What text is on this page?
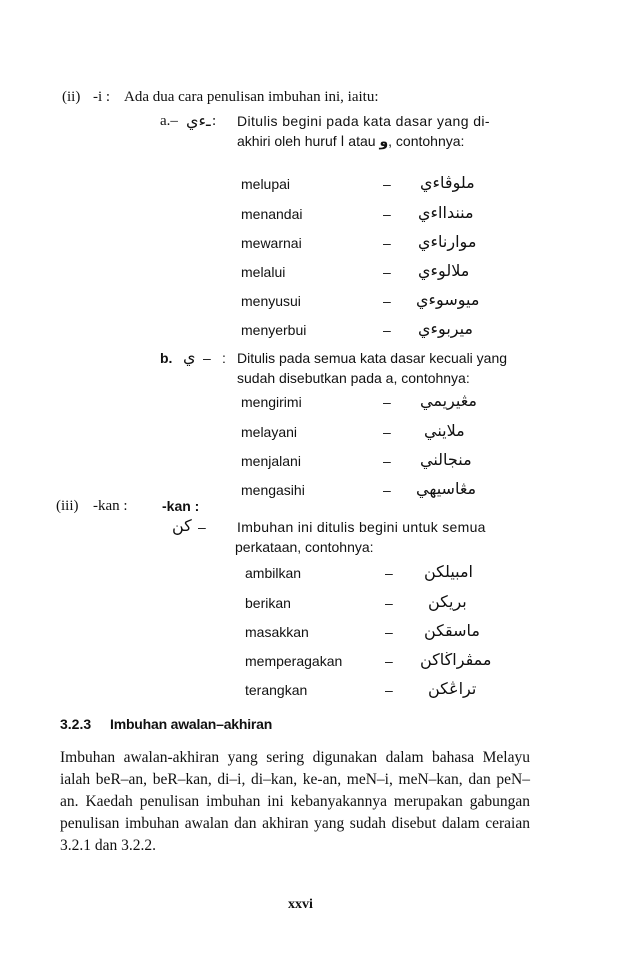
(ii) -i : Ada dua cara penulisan imbuhan ini, iaitu:
a.– ـءي : Ditulis begini pada kata dasar yang di-
akhiri oleh huruf ا atau و, contohnya:
melupai	– ملوڤاءي
menandai	– منندااءي
mewarnai	– موارناءي
melalui	– ملالوءي
menyusui	– ميوسوءي
menyerbui	– ميربوءي
b. ي – : Ditulis pada semua kata dasar kecuali yang
sudah disebutkan pada a, contohnya:
mengirimi	– مڠيريمي
melayani	– ملايني
menjalani	– منجالني
mengasihi	– مڠاسيهي
(iii) -kan : -kan :
كن – Imbuhan ini ditulis begini untuk semua
perkataan, contohnya:
ambilkan	– امبيلكن
berikan	– بريكن
masakkan	– ماسقكن
memperagakan	– ممڤراڬاكن
terangkan	– تراڠكن
3.2.3 Imbuhan awalan–akhiran
Imbuhan awalan-akhiran yang sering digunakan dalam bahasa Melayu ialah beR–an, beR–kan, di–i, di–kan, ke-an, meN–i, meN–kan, dan peN–an. Kaedah penulisan imbuhan ini kebanyakannya merupakan gabungan penulisan imbuhan awalan dan akhiran yang sudah disebut dalam ceraian 3.2.1 dan 3.2.2.
xxvi
